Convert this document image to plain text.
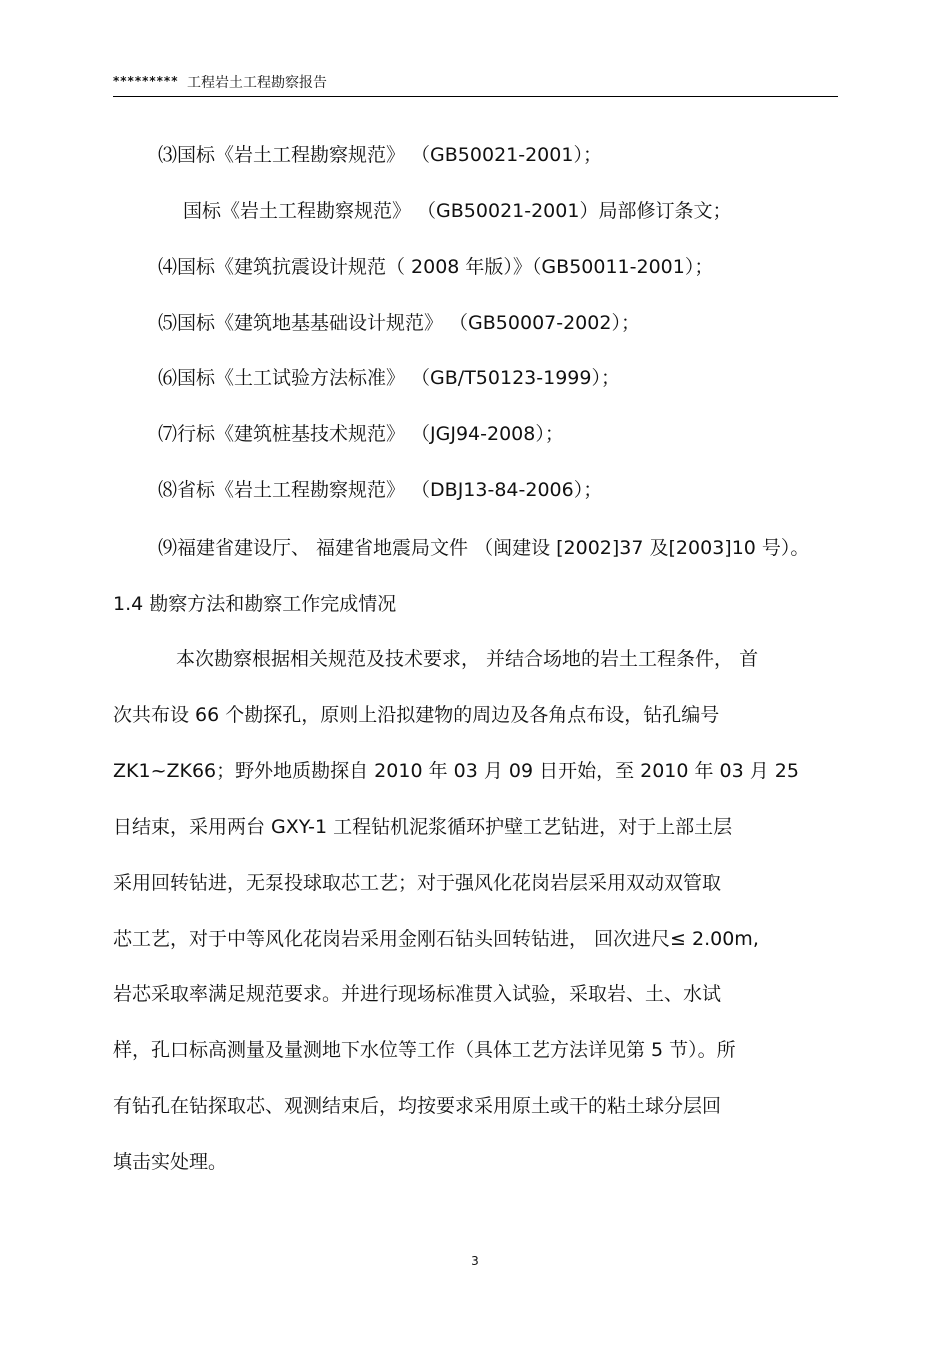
********* 工程岩土工程勘察报告
⑶国标《岩土工程勘察规范》 （GB50021-2001）；
国标《岩土工程勘察规范》 （GB50021-2001）局部修订条文；
⑷国标《建筑抗震设计规范（ 2008 年版）》（GB50011-2001）；
⑸国标《建筑地基基础设计规范》 （GB50007-2002）；
⑹国标《土工试验方法标准》 （GB/T50123-1999）；
⑺行标《建筑桩基技术规范》 （JGJ94-2008）；
⑻省标《岩土工程勘察规范》 （DBJ13-84-2006）；
⑼福建省建设厅、 福建省地震局文件 （闽建设 [2002]37 及[2003]10 号）。
1.4 勘察方法和勘察工作完成情况
本次勘察根据相关规范及技术要求， 并结合场地的岩土工程条件， 首
次共布设 66 个勘探孔，原则上沿拟建物的周边及各角点布设，钻孔编号
ZK1~ZK66；野外地质勘探自 2010 年 03 月 09 日开始，至 2010 年 03 月 25
日结束，采用两台 GXY-1 工程钻机泥浆循环护壁工艺钻进，对于上部土层
采用回转钻进，无泵投球取芯工艺；对于强风化花岗岩层采用双动双管取
芯工艺，对于中等风化花岗岩采用金刚石钻头回转钻进， 回次进尺≤ 2.00m,
岩芯采取率满足规范要求。并进行现场标准贯入试验，采取岩、土、水试
样，孔口标高测量及量测地下水位等工作（具体工艺方法详见第 5 节）。所
有钻孔在钻探取芯、观测结束后，均按要求采用原土或干的粘土球分层回
填击实处理。
3
